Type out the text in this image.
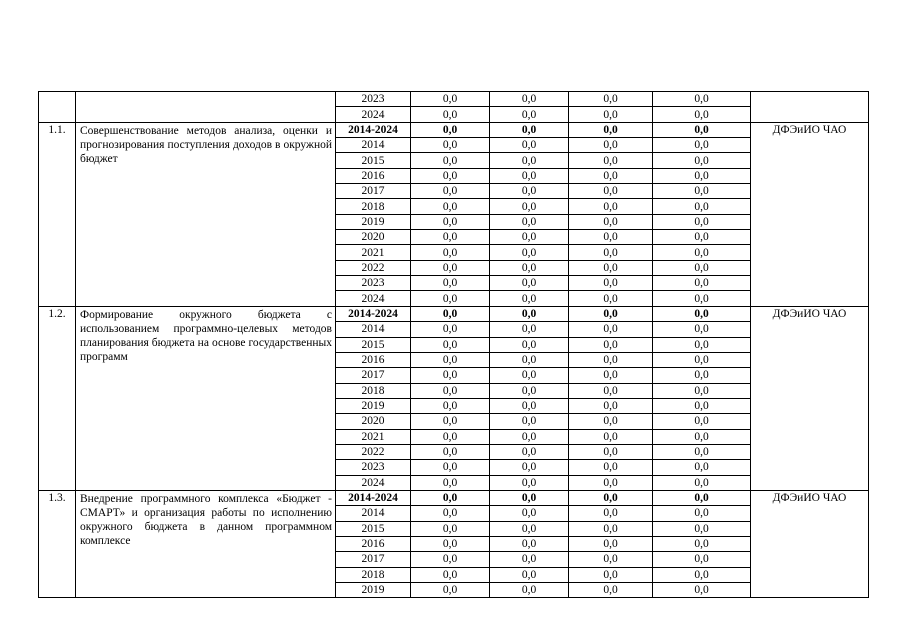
		2023	0,0	0,0	0,0	0,0	
		2024	0,0	0,0	0,0	0,0	
1.1.	Совершенствование методов анализа, оценки и прогнозирования поступления доходов в окружной бюджет	2014-2024	0,0	0,0	0,0	0,0	ДФЭиИО ЧАО
		2014	0,0	0,0	0,0	0,0	
		2015	0,0	0,0	0,0	0,0	
		2016	0,0	0,0	0,0	0,0	
		2017	0,0	0,0	0,0	0,0	
		2018	0,0	0,0	0,0	0,0	
		2019	0,0	0,0	0,0	0,0	
		2020	0,0	0,0	0,0	0,0	
		2021	0,0	0,0	0,0	0,0	
		2022	0,0	0,0	0,0	0,0	
		2023	0,0	0,0	0,0	0,0	
		2024	0,0	0,0	0,0	0,0	
1.2.	Формирование окружного бюджета с использованием программно-целевых методов планирования бюджета на основе государственных программ	2014-2024	0,0	0,0	0,0	0,0	ДФЭиИО ЧАО
		2014	0,0	0,0	0,0	0,0	
		2015	0,0	0,0	0,0	0,0	
		2016	0,0	0,0	0,0	0,0	
		2017	0,0	0,0	0,0	0,0	
		2018	0,0	0,0	0,0	0,0	
		2019	0,0	0,0	0,0	0,0	
		2020	0,0	0,0	0,0	0,0	
		2021	0,0	0,0	0,0	0,0	
		2022	0,0	0,0	0,0	0,0	
		2023	0,0	0,0	0,0	0,0	
		2024	0,0	0,0	0,0	0,0	
1.3.	Внедрение программного комплекса «Бюджет - СМАРТ» и организация работы по исполнению окружного бюджета в данном программном комплексе	2014-2024	0,0	0,0	0,0	0,0	ДФЭиИО ЧАО
		2014	0,0	0,0	0,0	0,0	
		2015	0,0	0,0	0,0	0,0	
		2016	0,0	0,0	0,0	0,0	
		2017	0,0	0,0	0,0	0,0	
		2018	0,0	0,0	0,0	0,0	
		2019	0,0	0,0	0,0	0,0	
